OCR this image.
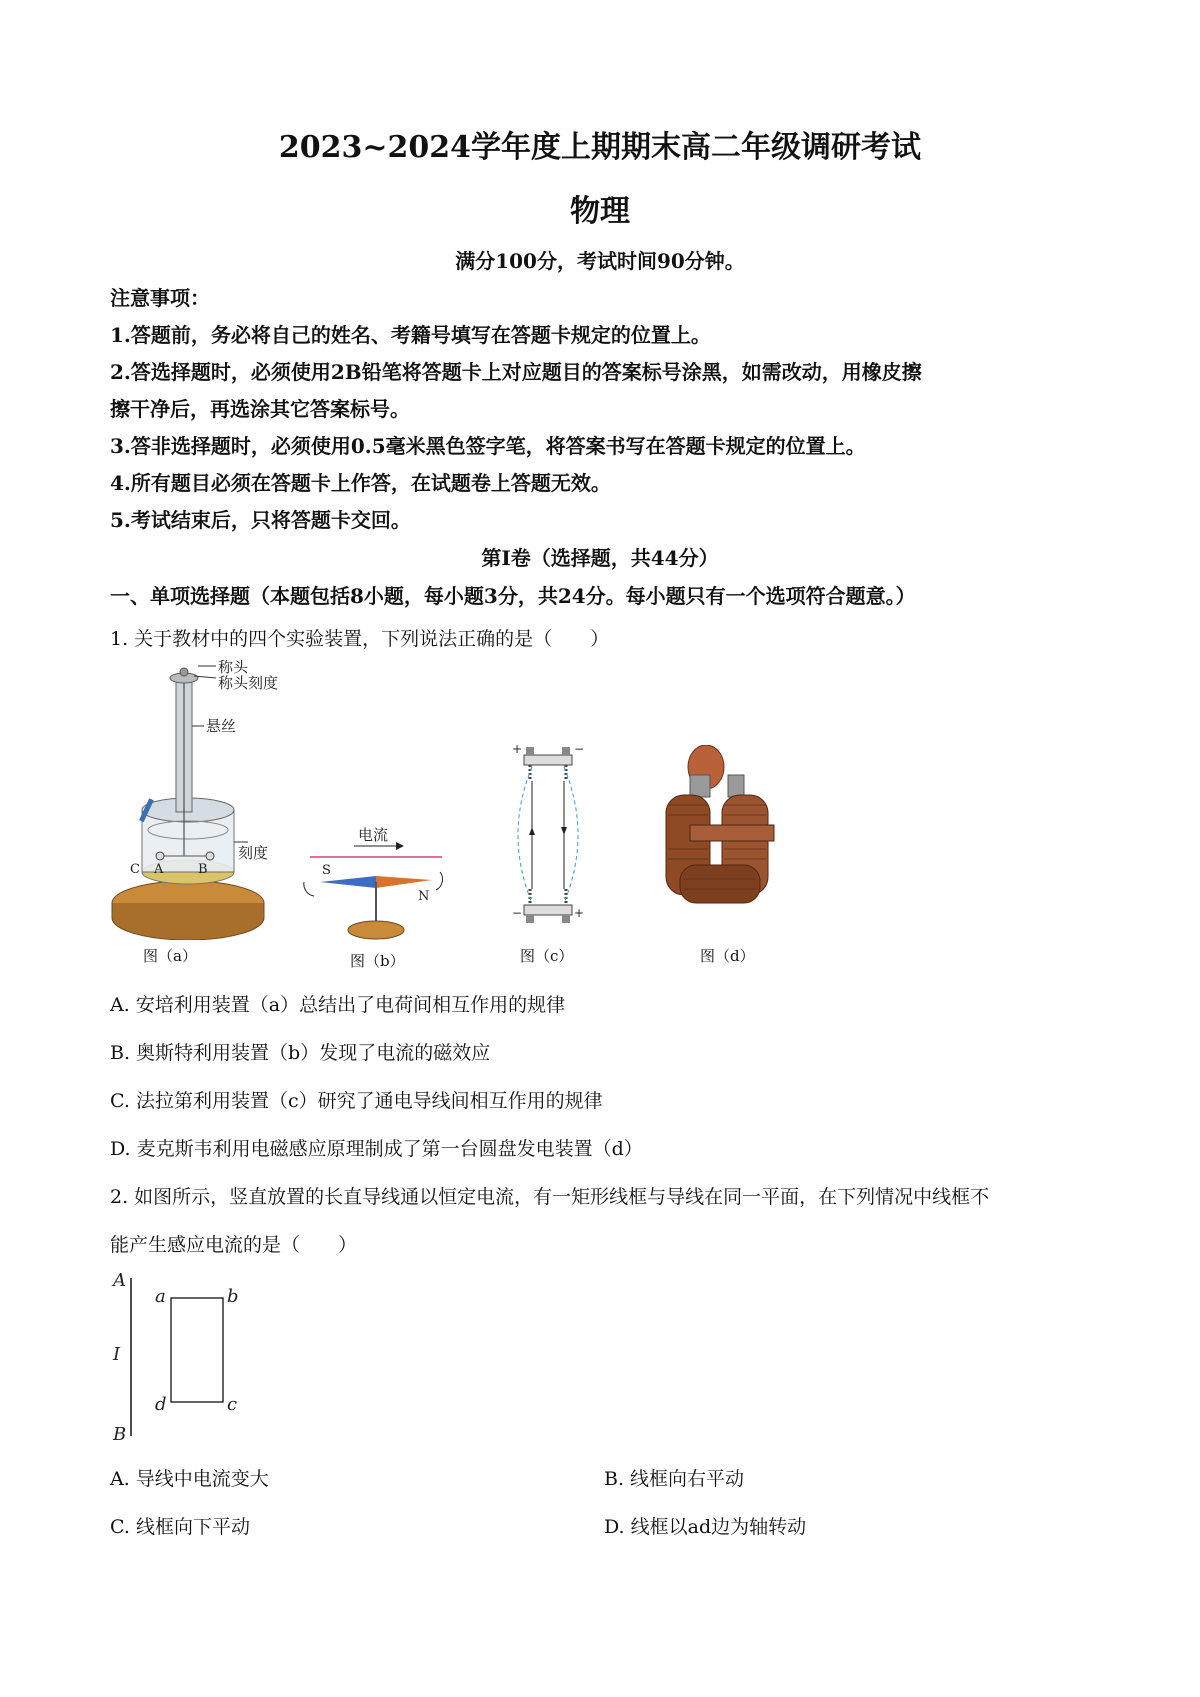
2023~2024学年度上期期末高二年级调研考试
物理
满分100分，考试时间90分钟。
注意事项：
1.答题前，务必将自己的姓名、考籍号填写在答题卡规定的位置上。
2.答选择题时，必须使用2B铅笔将答题卡上对应题目的答案标号涂黑，如需改动，用橡皮擦
擦干净后，再选涂其它答案标号。
3.答非选择题时，必须使用0.5毫米黑色签字笔，将答案书写在答题卡规定的位置上。
4.所有题目必须在答题卡上作答，在试题卷上答题无效。
5.考试结束后，只将答题卡交回。
第Ⅰ卷（选择题，共44分）
一、单项选择题（本题包括8小题，每小题3分，共24分。每小题只有一个选项符合题意。）
1. 关于教材中的四个实验装置，下列说法正确的是（　　）
称头
称头刻度
悬丝
刻度
C A	B
图（a）
电流
S
N
图（b）
+	−
−	+
图（c）	图（d）
A. 安培利用装置（a）总结出了电荷间相互作用的规律
B. 奥斯特利用装置（b）发现了电流的磁效应
C. 法拉第利用装置（c）研究了通电导线间相互作用的规律
D. 麦克斯韦利用电磁感应原理制成了第一台圆盘发电装置（d）
2. 如图所示，竖直放置的长直导线通以恒定电流，有一矩形线框与导线在同一平面，在下列情况中线框不
能产生感应电流的是（　　）
A
I
B
a	b
c
d
A. 导线中电流变大	B. 线框向右平动
C. 线框向下平动	D. 线框以ad边为轴转动
